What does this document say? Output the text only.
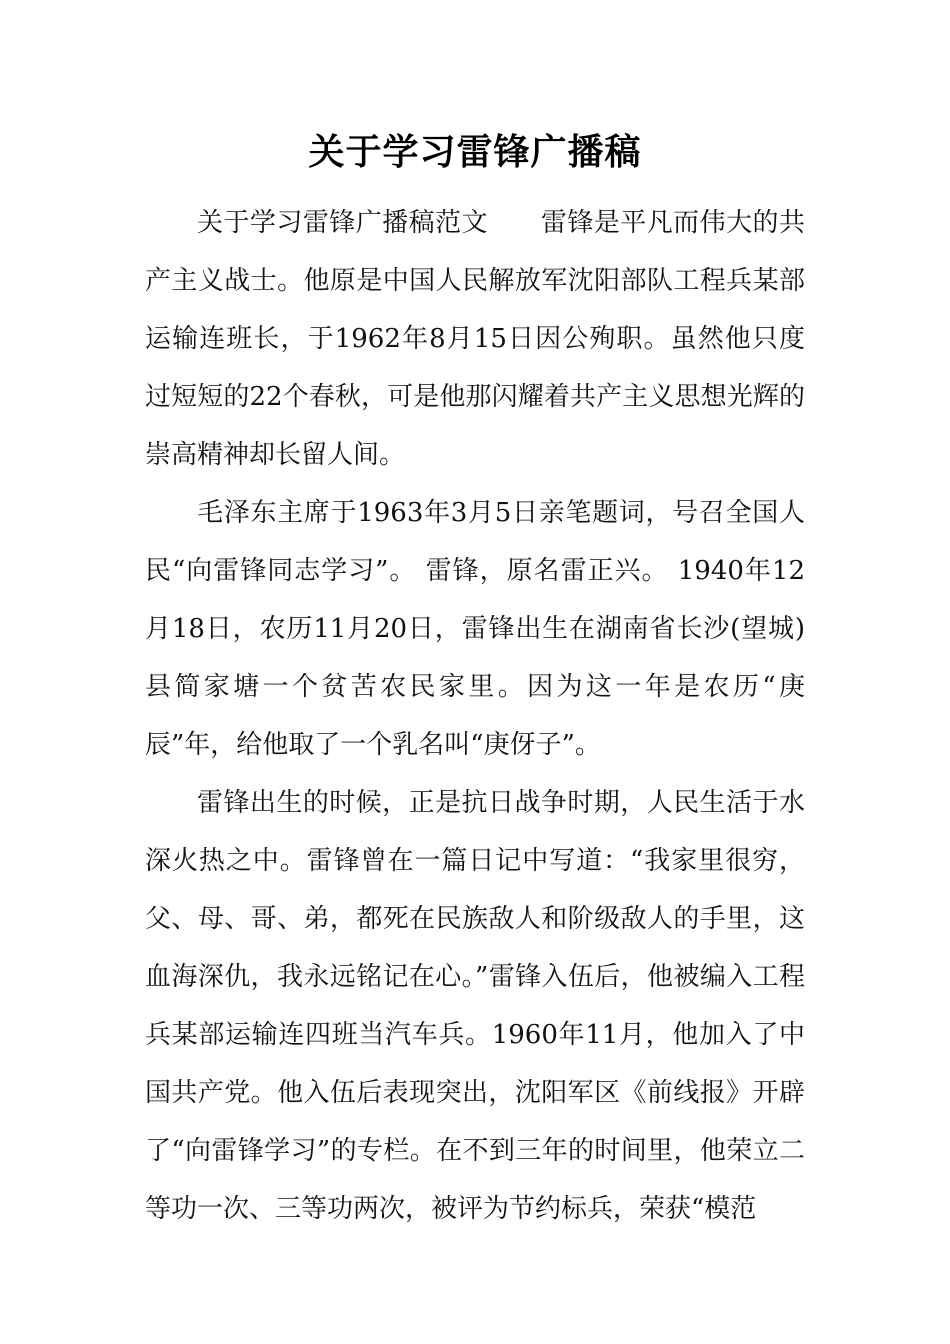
关于学习雷锋广播稿

关于学习雷锋广播稿范文　　雷锋是平凡而伟大的共产主义战士。他原是中国人民解放军沈阳部队工程兵某部运输连班长，于1962年8月15日因公殉职。虽然他只度过短短的22个春秋，可是他那闪耀着共产主义思想光辉的崇高精神却长留人间。

毛泽东主席于1963年3月5日亲笔题词，号召全国人民“向雷锋同志学习”。 雷锋，原名雷正兴。 1940年12月18日，农历11月20日，雷锋出生在湖南省长沙(望城)县简家塘一个贫苦农民家里。因为这一年是农历“庚辰”年，给他取了一个乳名叫“庚伢子”。

雷锋出生的时候，正是抗日战争时期，人民生活于水深火热之中。雷锋曾在一篇日记中写道：“我家里很穷，父、母、哥、弟，都死在民族敌人和阶级敌人的手里，这血海深仇，我永远铭记在心。”雷锋入伍后，他被编入工程兵某部运输连四班当汽车兵。1960年11月，他加入了中国共产党。他入伍后表现突出，沈阳军区《前线报》开辟了“向雷锋学习”的专栏。在不到三年的时间里，他荣立二等功一次、三等功两次，被评为节约标兵，荣获“模范
